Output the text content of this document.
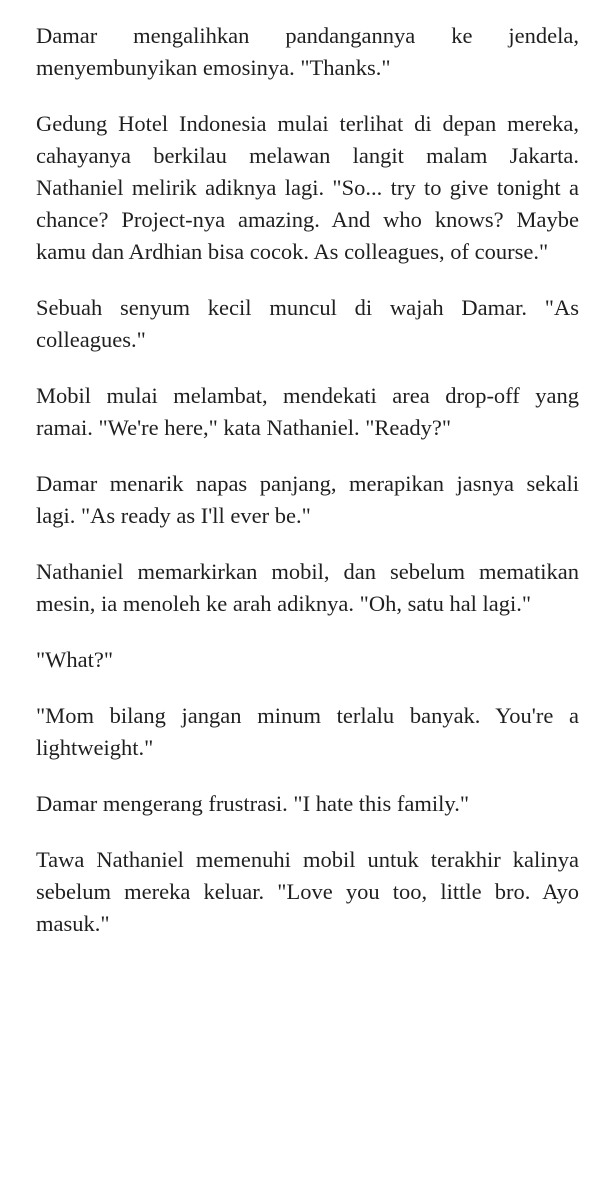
Damar mengalihkan pandangannya ke jendela, menyembunyikan emosinya. "Thanks."

Gedung Hotel Indonesia mulai terlihat di depan mereka, cahayanya berkilau melawan langit malam Jakarta. Nathaniel melirik adiknya lagi. "So... try to give tonight a chance? Project-nya amazing. And who knows? Maybe kamu dan Ardhian bisa cocok. As colleagues, of course."

Sebuah senyum kecil muncul di wajah Damar. "As colleagues."

Mobil mulai melambat, mendekati area drop-off yang ramai. "We're here," kata Nathaniel. "Ready?"

Damar menarik napas panjang, merapikan jasnya sekali lagi. "As ready as I'll ever be."

Nathaniel memarkirkan mobil, dan sebelum mematikan mesin, ia menoleh ke arah adiknya. "Oh, satu hal lagi."

"What?"

"Mom bilang jangan minum terlalu banyak. You're a lightweight."

Damar mengerang frustrasi. "I hate this family."

Tawa Nathaniel memenuhi mobil untuk terakhir kalinya sebelum mereka keluar. "Love you too, little bro. Ayo masuk."
